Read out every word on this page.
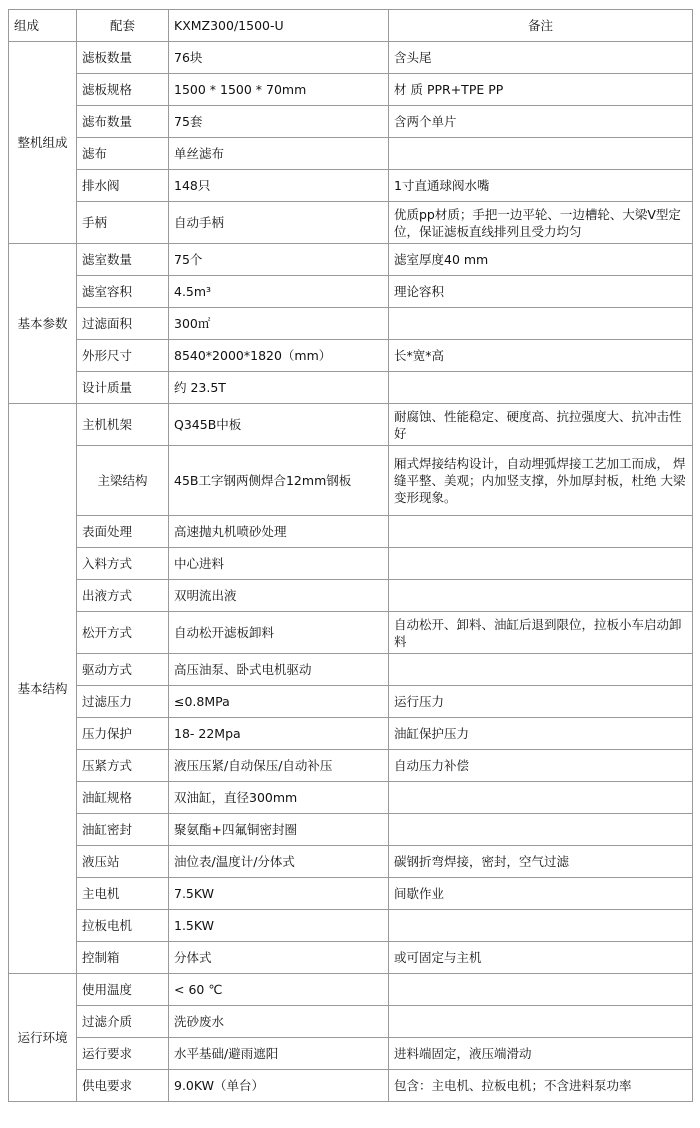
组成	配套	KXMZ300/1500-U	备注
整机组成	滤板数量	76块	含头尾
	滤板规格	1500 * 1500 * 70mm	材 质 PPR+TPE PP
	滤布数量	75套	含两个单片
	滤布	单丝滤布	
	排水阀	148只	1寸直通球阀水嘴
	手柄	自动手柄	优质pp材质；手把一边平轮、一边槽轮、大梁V型定位，保证滤板直线排列且受力均匀
基本参数	滤室数量	75个	滤室厚度40 mm
	滤室容积	4.5m³	理论容积
	过滤面积	300㎡	
	外形尺寸	8540*2000*1820（mm）	长*宽*高
	设计质量	约 23.5T	
基本结构	主机机架	Q345B中板	耐腐蚀、性能稳定、硬度高、抗拉强度大、抗冲击性好
	主梁结构	45B工字钢两侧焊合12mm钢板	厢式焊接结构设计，自动埋弧焊接工艺加工而成， 焊缝平整、美观；内加竖支撑，外加厚封板，杜绝 大梁变形现象。
	表面处理	高速抛丸机喷砂处理	
	入料方式	中心进料	
	出液方式	双明流出液	
	松开方式	自动松开滤板卸料	自动松开、卸料、油缸后退到限位，拉板小车启动卸料
	驱动方式	高压油泵、卧式电机驱动	
	过滤压力	≤0.8MPa	运行压力
	压力保护	18- 22Mpa	油缸保护压力
	压紧方式	液压压紧/自动保压/自动补压	自动压力补偿
	油缸规格	双油缸，直径300mm	
	油缸密封	聚氨酯+四氟铜密封圈	
	液压站	油位表/温度计/分体式	碳钢折弯焊接，密封，空气过滤
	主电机	7.5KW	间歇作业
	拉板电机	1.5KW	
	控制箱	分体式	或可固定与主机
运行环境	使用温度	< 60 ℃	
	过滤介质	洗砂废水	
	运行要求	水平基础/避雨遮阳	进料端固定，液压端滑动
	供电要求	9.0KW（单台）	包含：主电机、拉板电机；不含进料泵功率
